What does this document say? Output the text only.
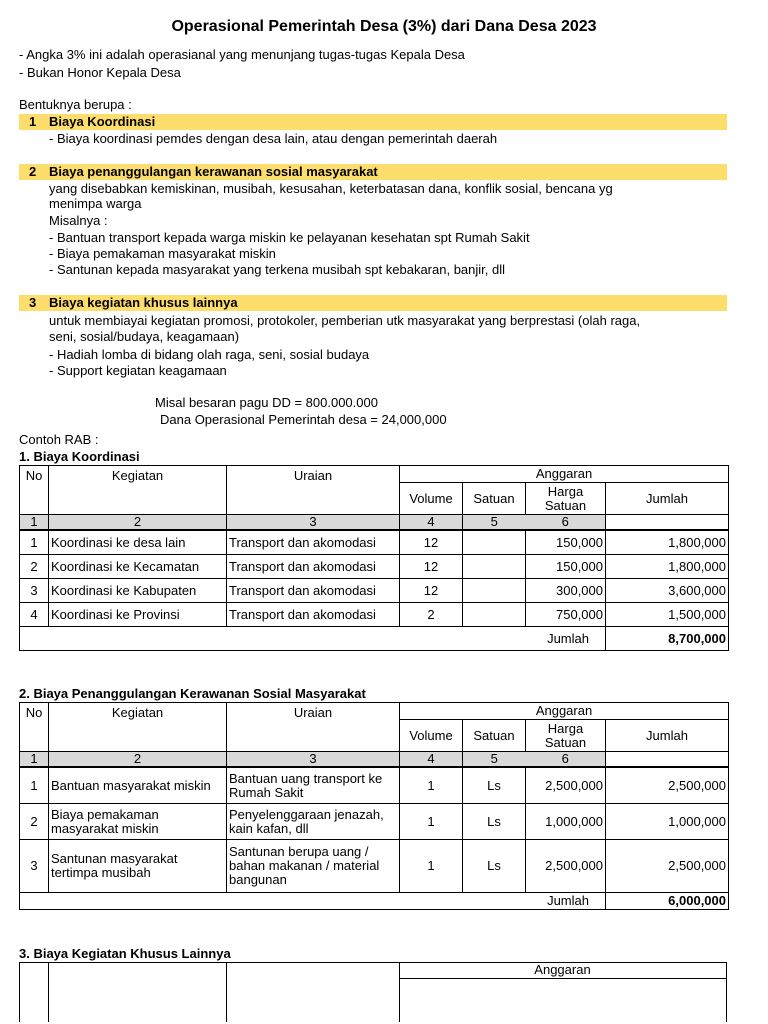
Operasional Pemerintah Desa (3%) dari Dana Desa 2023
- Angka 3% ini adalah operasianal yang menunjang tugas-tugas Kepala Desa
- Bukan Honor Kepala Desa
Bentuknya berupa :
1 Biaya Koordinasi
- Biaya koordinasi pemdes dengan desa lain, atau dengan pemerintah daerah
2 Biaya penanggulangan kerawanan sosial masyarakat
yang disebabkan kemiskinan, musibah, kesusahan, keterbatasan dana, konflik sosial, bencana yg
menimpa warga
Misalnya :
- Bantuan transport kepada warga miskin ke pelayanan kesehatan spt Rumah Sakit
- Biaya pemakaman masyarakat miskin
- Santunan kepada masyarakat yang terkena musibah spt kebakaran, banjir, dll
3 Biaya kegiatan khusus lainnya
untuk membiayai kegiatan promosi, protokoler, pemberian utk masyarakat yang berprestasi (olah raga,
seni, sosial/budaya, keagamaan)
- Hadiah lomba di bidang olah raga, seni, sosial budaya
- Support kegiatan keagamaan
Misal besaran pagu DD = 800.000.000
Dana Operasional Pemerintah desa = 24,000,000
Contoh RAB :
1. Biaya Koordinasi
No	Kegiatan	Uraian	Anggaran			
			Volume	Satuan	Harga
Satuan	Jumlah
1	2	3	4	5	6	
1	Koordinasi ke desa lain	Transport dan akomodasi	12		150,000	1,800,000
2	Koordinasi ke Kecamatan	Transport dan akomodasi	12		150,000	1,800,000
3	Koordinasi ke Kabupaten	Transport dan akomodasi	12		300,000	3,600,000
4	Koordinasi ke Provinsi	Transport dan akomodasi	2		750,000	1,500,000
Jumlah						8,700,000
2. Biaya Penanggulangan Kerawanan Sosial Masyarakat
No	Kegiatan	Uraian	Anggaran			
			Volume	Satuan	Harga
Satuan	Jumlah
1	2	3	4	5	6	
1	Bantuan masyarakat miskin	Bantuan uang transport ke
Rumah Sakit	1	Ls	2,500,000	2,500,000
2	Biaya pemakaman
masyarakat miskin	Penyelenggaraan jenazah,
kain kafan, dll	1	Ls	1,000,000	1,000,000
3	Santunan masyarakat
tertimpa musibah	Santunan berupa uang /
bahan makanan / material
bangunan	1	Ls	2,500,000	2,500,000
Jumlah						6,000,000
3. Biaya Kegiatan Khusus Lainnya
Anggaran
